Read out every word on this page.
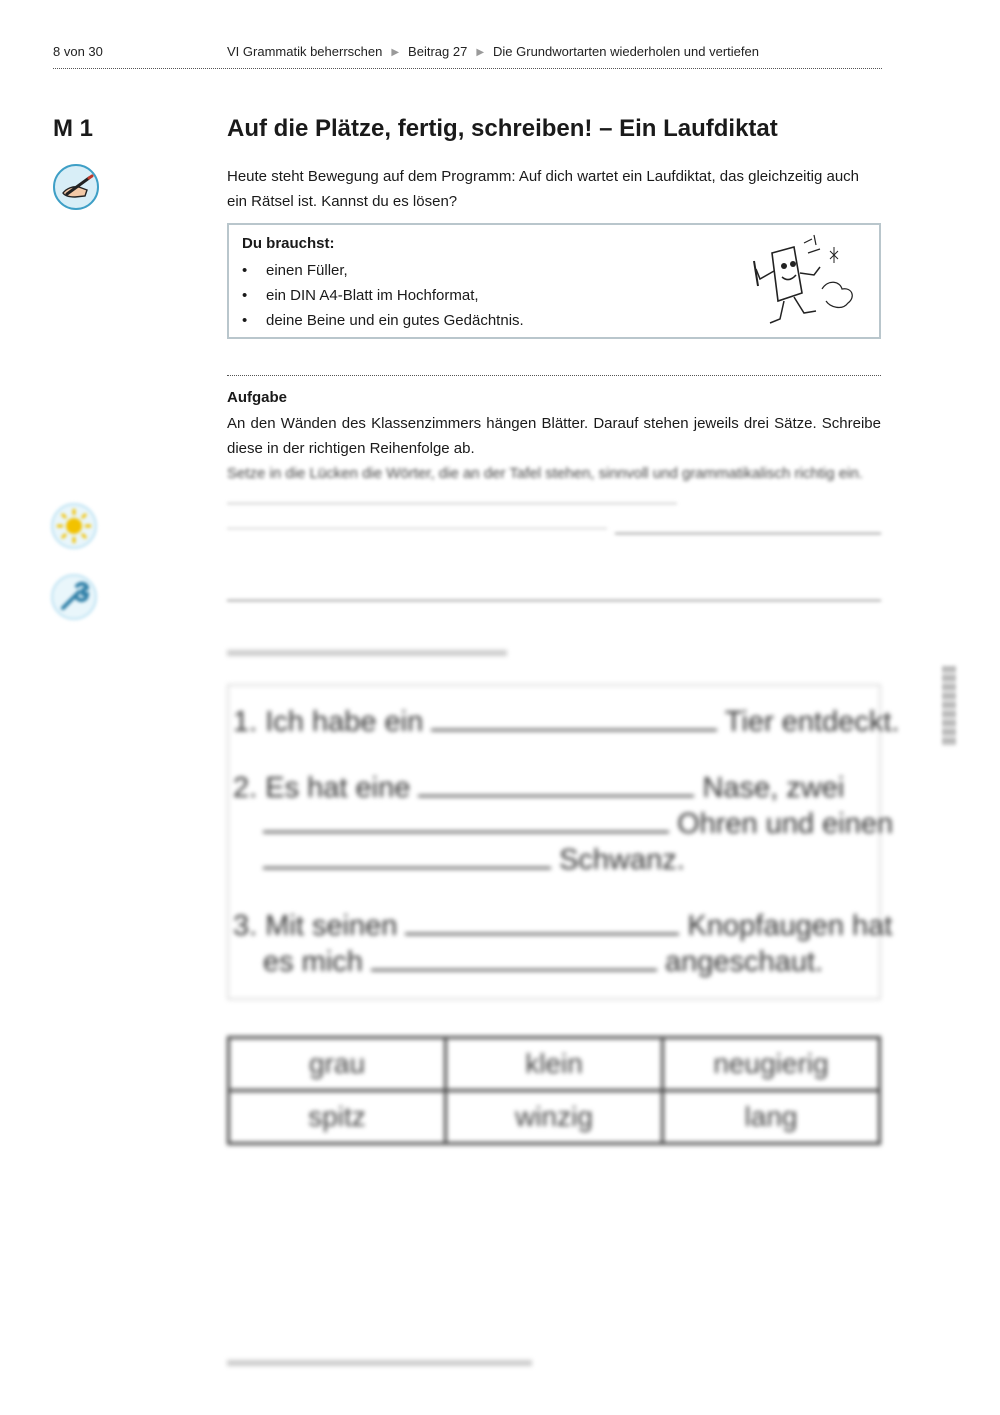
8 von 30	VI Grammatik beherrschen ▶ Beitrag 27 ▶ Die Grundwortarten wiederholen und vertiefen
M 1	Auf die Plätze, fertig, schreiben! – Ein Laufdiktat
Heute steht Bewegung auf dem Programm: Auf dich wartet ein Laufdiktat, das gleichzeitig auch ein Rätsel ist. Kannst du es lösen?
Du brauchst:
• einen Füller,
• ein DIN A4-Blatt im Hochformat,
• deine Beine und ein gutes Gedächtnis.
Aufgabe
An den Wänden des Klassenzimmers hängen Blätter. Darauf stehen jeweils drei Sätze. Schreibe diese in der richtigen Reihenfolge ab.
Setze in die Lücken die Wörter, die an der Tafel stehen, sinnvoll und grammatikalisch richtig ein.
1. Ich habe ein	Tier entdeckt.
2. Es hat eine	Nase, zwei
Ohren und einen
Schwanz.
3. Mit seinen	Knopfaugen hat
es mich	angeschaut.
grau	klein	neugierig
spitz	winzig	lang
